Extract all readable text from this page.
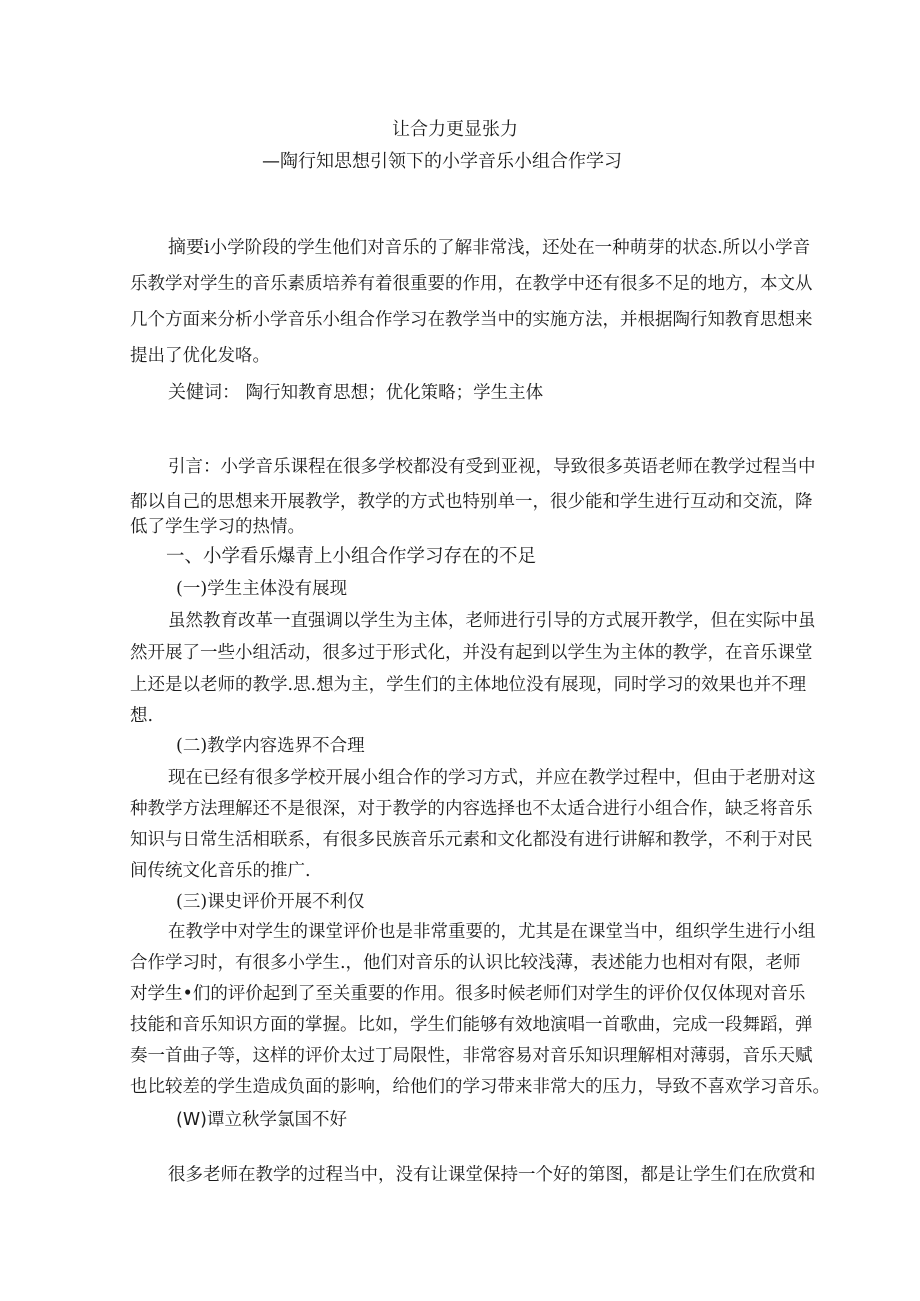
让合力更显张力
—陶行知思想引领下的小学音乐小组合作学习
摘要i小学阶段的学生他们对音乐的了解非常浅，还处在一种萌芽的状态.所以小学音
乐教学对学生的音乐素质培养有着很重要的作用，在教学中还有很多不足的地方，本文从
几个方面来分析小学音乐小组合作学习在教学当中的实施方法，并根据陶行知教育思想来
提出了优化发咯。
关健词： 陶行知教育思想；优化策略；学生主体
引言：小学音乐课程在很多学校都没有受到亚视，导致很多英语老师在教学过程当中
都以自己的思想来开展教学，教学的方式也特别单一，很少能和学生进行互动和交流，降
低了学生学习的热情。
一、小学看乐爆青上小组合作学习存在的不足
(一)学生主体没有展现
虽然教育改革一直强调以学生为主体，老师进行引导的方式展开教学，但在实际中虽
然开展了一些小组活动，很多过于形式化，并没有起到以学生为主体的教学，在音乐课堂
上还是以老师的教学.思.想为主，学生们的主体地位没有展现，同时学习的效果也并不理
想.
(二)教学内容选界不合理
现在已经有很多学校开展小组合作的学习方式，并应在教学过程中，但由于老册对这
种教学方法理解还不是很深，对于教学的内容选择也不太适合进行小组合作，缺乏将音乐
知识与日常生活相联系，有很多民族音乐元素和文化都没有进行讲解和教学，不利于对民
间传统文化音乐的推广.
(三)课史评价开展不利仅
在教学中对学生的课堂评价也是非常重要的，尤其是在课堂当中，组织学生进行小组
合作学习时，有很多小学生.，他们对音乐的认识比较浅薄，表述能力也相对有限，老师
对学生•们的评价起到了至关重要的作用。很多时候老师们对学生的评价仅仅体现对音乐
技能和音乐知识方面的掌握。比如，学生们能够有效地演唱一首歌曲，完成一段舞蹈，弹
奏一首曲子等，这样的评价太过丁局限性，非常容易对音乐知识理解相对薄弱，音乐天赋
也比较差的学生造成负面的影响，给他们的学习带来非常大的压力，导致不喜欢学习音乐。
(W)谭立秋学氯国不好
很多老师在教学的过程当中，没有让课堂保持一个好的第图，都是让学生们在欣赏和
